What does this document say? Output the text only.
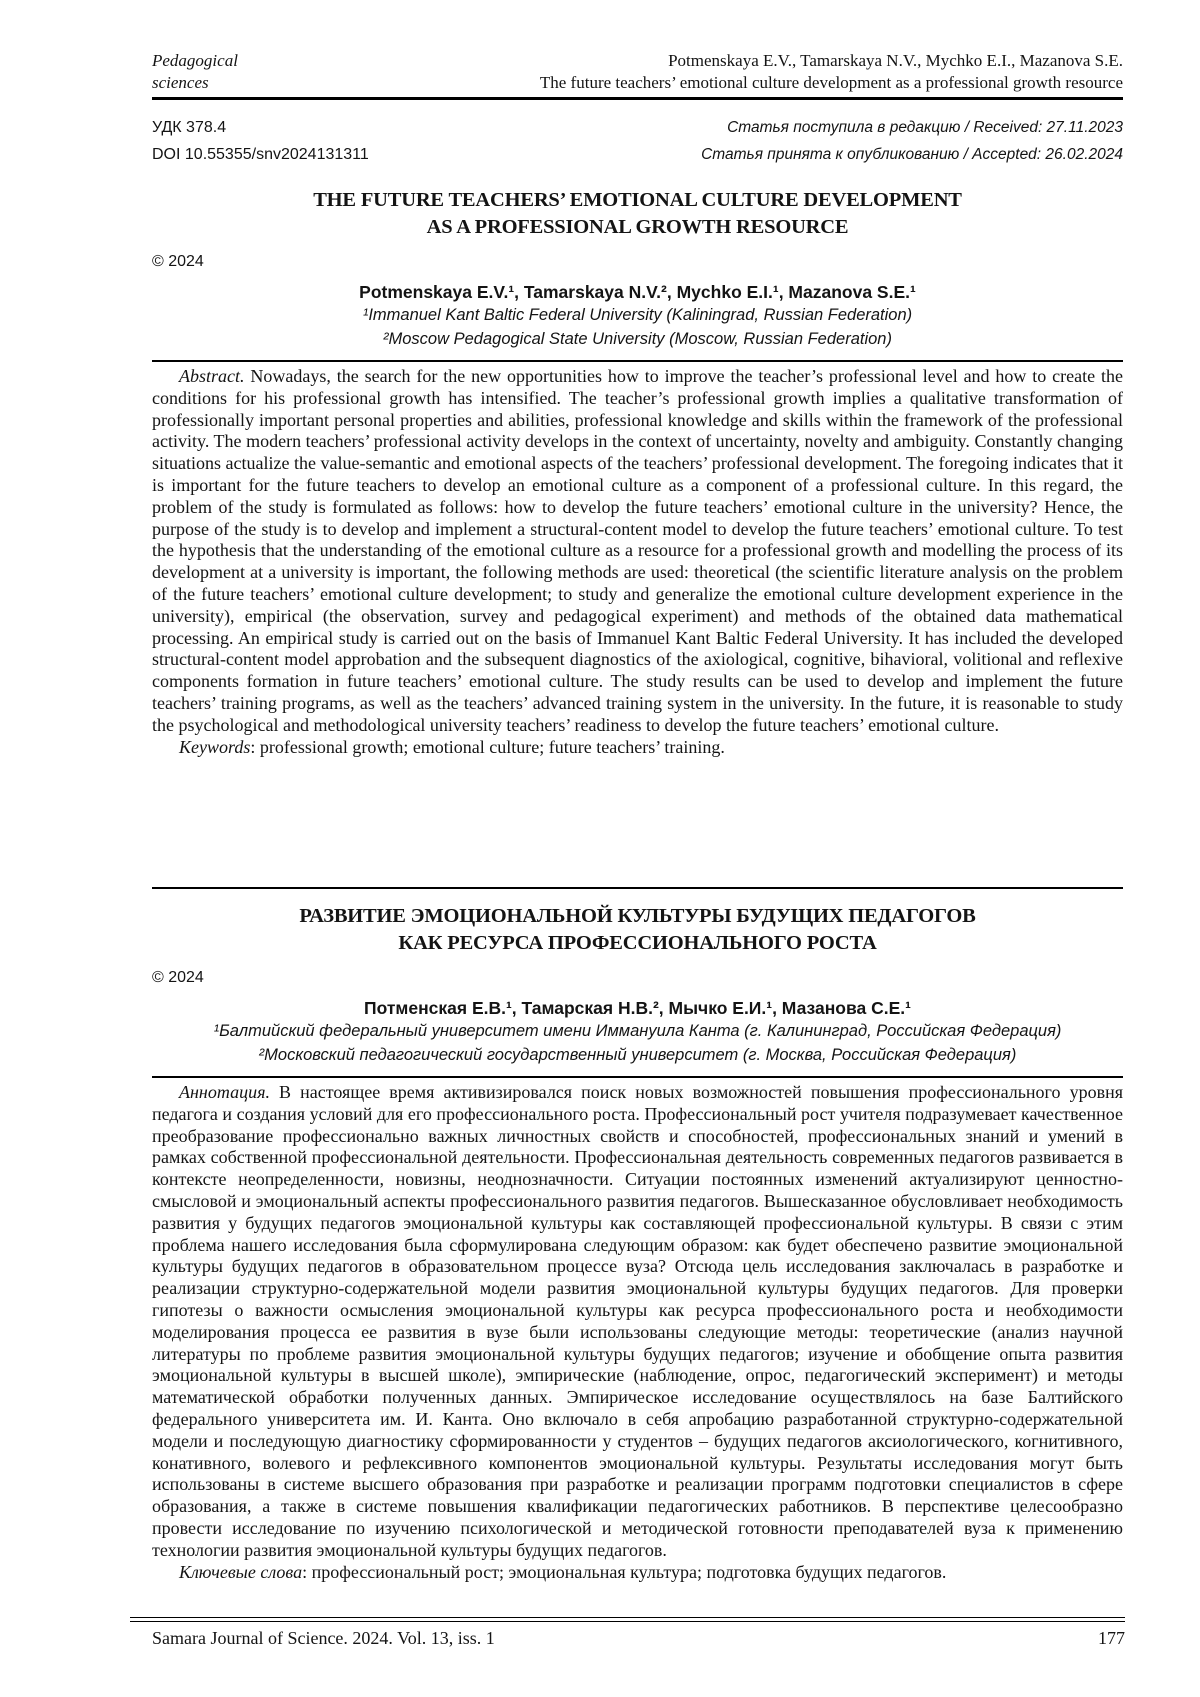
Pedagogical
sciences
Potmenskaya E.V., Tamarskaya N.V., Mychko E.I., Mazanova S.E.
The future teachers’ emotional culture development as a professional growth resource
УДК 378.4
DOI 10.55355/snv2024131311
Статья поступила в редакцию / Received: 27.11.2023
Статья принята к опубликованию / Accepted: 26.02.2024
THE FUTURE TEACHERS’ EMOTIONAL CULTURE DEVELOPMENT
AS A PROFESSIONAL GROWTH RESOURCE
© 2024
Potmenskaya E.V.¹, Tamarskaya N.V.², Mychko E.I.¹, Mazanova S.E.¹
¹Immanuel Kant Baltic Federal University (Kaliningrad, Russian Federation)
²Moscow Pedagogical State University (Moscow, Russian Federation)

Abstract. Nowadays, the search for the new opportunities how to improve the teacher’s professional level and how to create the conditions for his professional growth has intensified. The teacher’s professional growth implies a qualitative transformation of professionally important personal properties and abilities, professional knowledge and skills within the framework of the professional activity. The modern teachers’ professional activity develops in the context of uncertainty, novelty and ambiguity. Constantly changing situations actualize the value-semantic and emotional aspects of the teachers’ professional development. The foregoing indicates that it is important for the future teachers to develop an emotional culture as a component of a professional culture. In this regard, the problem of the study is formulated as follows: how to develop the future teachers’ emotional culture in the university? Hence, the purpose of the study is to develop and implement a structural-content model to develop the future teachers’ emotional culture. To test the hypothesis that the understanding of the emotional culture as a resource for a professional growth and modelling the process of its development at a university is important, the following methods are used: theoretical (the scientific literature analysis on the problem of the future teachers’ emotional culture development; to study and generalize the emotional culture development experience in the university), empirical (the observation, survey and pedagogical experiment) and methods of the obtained data mathematical processing. An empirical study is carried out on the basis of Immanuel Kant Baltic Federal University. It has included the developed structural-content model approbation and the subsequent diagnostics of the axiological, cognitive, bihavioral, volitional and reflexive components formation in future teachers’ emotional culture. The study results can be used to develop and implement the future teachers’ training programs, as well as the teachers’ advanced training system in the university. In the future, it is reasonable to study the psychological and methodological university teachers’ readiness to develop the future teachers’ emotional culture.

Keywords: professional growth; emotional culture; future teachers’ training.

РАЗВИТИЕ ЭМОЦИОНАЛЬНОЙ КУЛЬТУРЫ БУДУЩИХ ПЕДАГОГОВ
КАК РЕСУРСА ПРОФЕССИОНАЛЬНОГО РОСТА
© 2024
Потменская Е.В.¹, Тамарская Н.В.², Мычко Е.И.¹, Мазанова С.Е.¹
¹Балтийский федеральный университет имени Иммануила Канта (г. Калининград, Российская Федерация)
²Московский педагогический государственный университет (г. Москва, Российская Федерация)

Аннотация. В настоящее время активизировался поиск новых возможностей повышения профессионального уровня педагога и создания условий для его профессионального роста. Профессиональный рост учителя подразумевает качественное преобразование профессионально важных личностных свойств и способностей, профессиональных знаний и умений в рамках собственной профессиональной деятельности. Профессиональная деятельность современных педагогов развивается в контексте неопределенности, новизны, неоднозначности. Ситуации постоянных изменений актуализируют ценностно-смысловой и эмоциональный аспекты профессионального развития педагогов. Вышесказанное обусловливает необходимость развития у будущих педагогов эмоциональной культуры как составляющей профессиональной культуры. В связи с этим проблема нашего исследования была сформулирована следующим образом: как будет обеспечено развитие эмоциональной культуры будущих педагогов в образовательном процессе вуза? Отсюда цель исследования заключалась в разработке и реализации структурно-содержательной модели развития эмоциональной культуры будущих педагогов. Для проверки гипотезы о важности осмысления эмоциональной культуры как ресурса профессионального роста и необходимости моделирования процесса ее развития в вузе были использованы следующие методы: теоретические (анализ научной литературы по проблеме развития эмоциональной культуры будущих педагогов; изучение и обобщение опыта развития эмоциональной культуры в высшей школе), эмпирические (наблюдение, опрос, педагогический эксперимент) и методы математической обработки полученных данных. Эмпирическое исследование осуществлялось на базе Балтийского федерального университета им. И. Канта. Оно включало в себя апробацию разработанной структурно-содержательной модели и последующую диагностику сформированности у студентов – будущих педагогов аксиологического, когнитивного, конативного, волевого и рефлексивного компонентов эмоциональной культуры. Результаты исследования могут быть использованы в системе высшего образования при разработке и реализации программ подготовки специалистов в сфере образования, а также в системе повышения квалификации педагогических работников. В перспективе целесообразно провести исследование по изучению психологической и методической готовности преподавателей вуза к применению технологии развития эмоциональной культуры будущих педагогов.

Ключевые слова: профессиональный рост; эмоциональная культура; подготовка будущих педагогов.

Samara Journal of Science. 2024. Vol. 13, iss. 1	177
